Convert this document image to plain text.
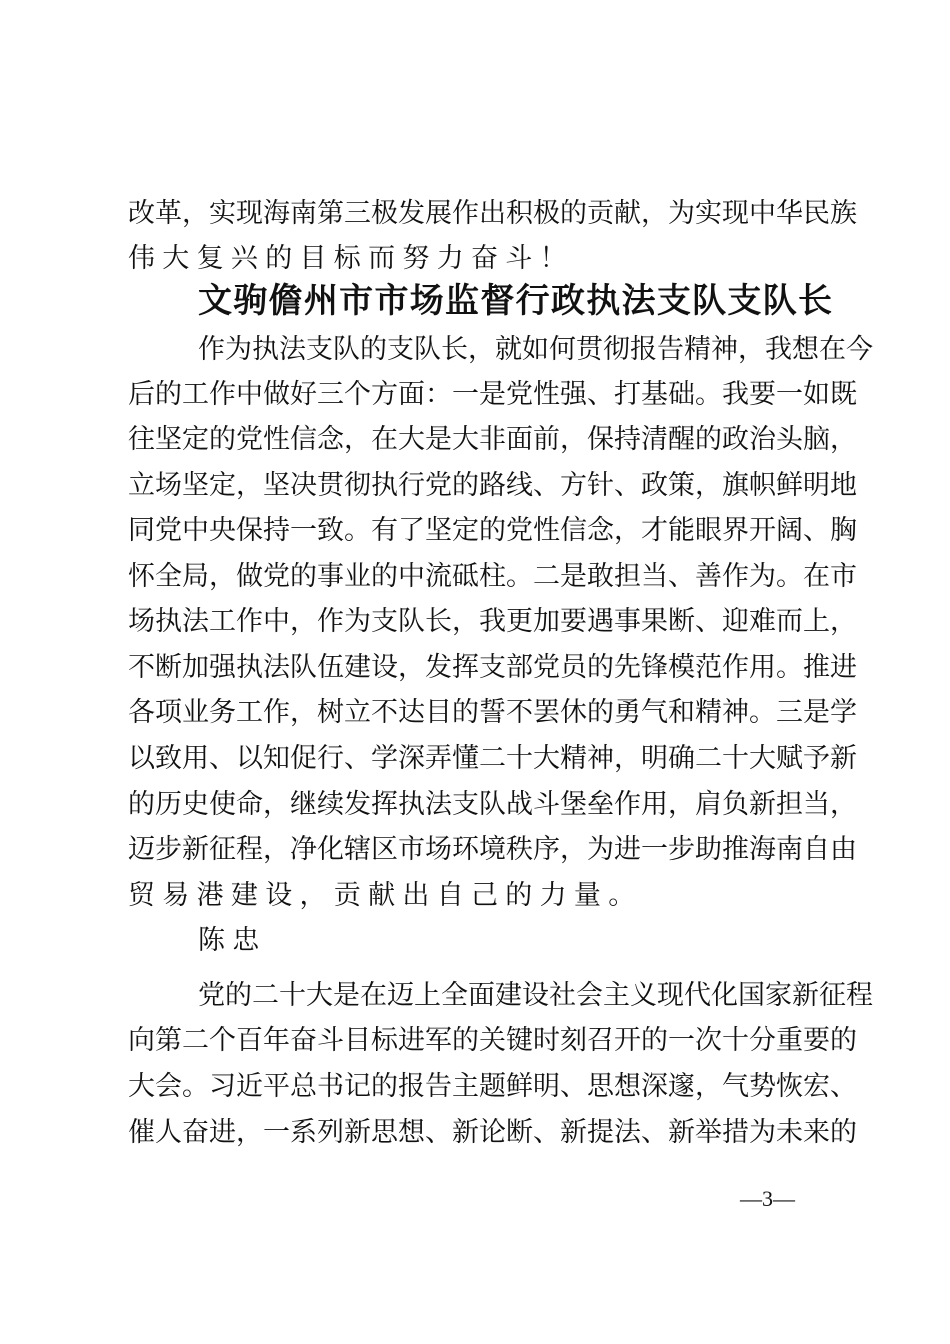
改革，实现海南第三极发展作出积极的贡献，为实现中华民族
伟大复兴的目标而努力奋斗！
文驹儋州市市场监督行政执法支队支队长
作为执法支队的支队长，就如何贯彻报告精神，我想在今
后的工作中做好三个方面：一是党性强、打基础。我要一如既
往坚定的党性信念，在大是大非面前，保持清醒的政治头脑，
立场坚定，坚决贯彻执行党的路线、方针、政策，旗帜鲜明地
同党中央保持一致。有了坚定的党性信念，才能眼界开阔、胸
怀全局，做党的事业的中流砥柱。二是敢担当、善作为。在市
场执法工作中，作为支队长，我更加要遇事果断、迎难而上，
不断加强执法队伍建设，发挥支部党员的先锋模范作用。推进
各项业务工作，树立不达目的誓不罢休的勇气和精神。三是学
以致用、以知促行、学深弄懂二十大精神，明确二十大赋予新
的历史使命，继续发挥执法支队战斗堡垒作用，肩负新担当，
迈步新征程，净化辖区市场环境秩序，为进一步助推海南自由
贸易港建设，贡献出自己的力量。
陈忠
党的二十大是在迈上全面建设社会主义现代化国家新征程
向第二个百年奋斗目标进军的关键时刻召开的一次十分重要的
大会。习近平总书记的报告主题鲜明、思想深邃，气势恢宏、
催人奋进，一系列新思想、新论断、新提法、新举措为未来的
—3—
